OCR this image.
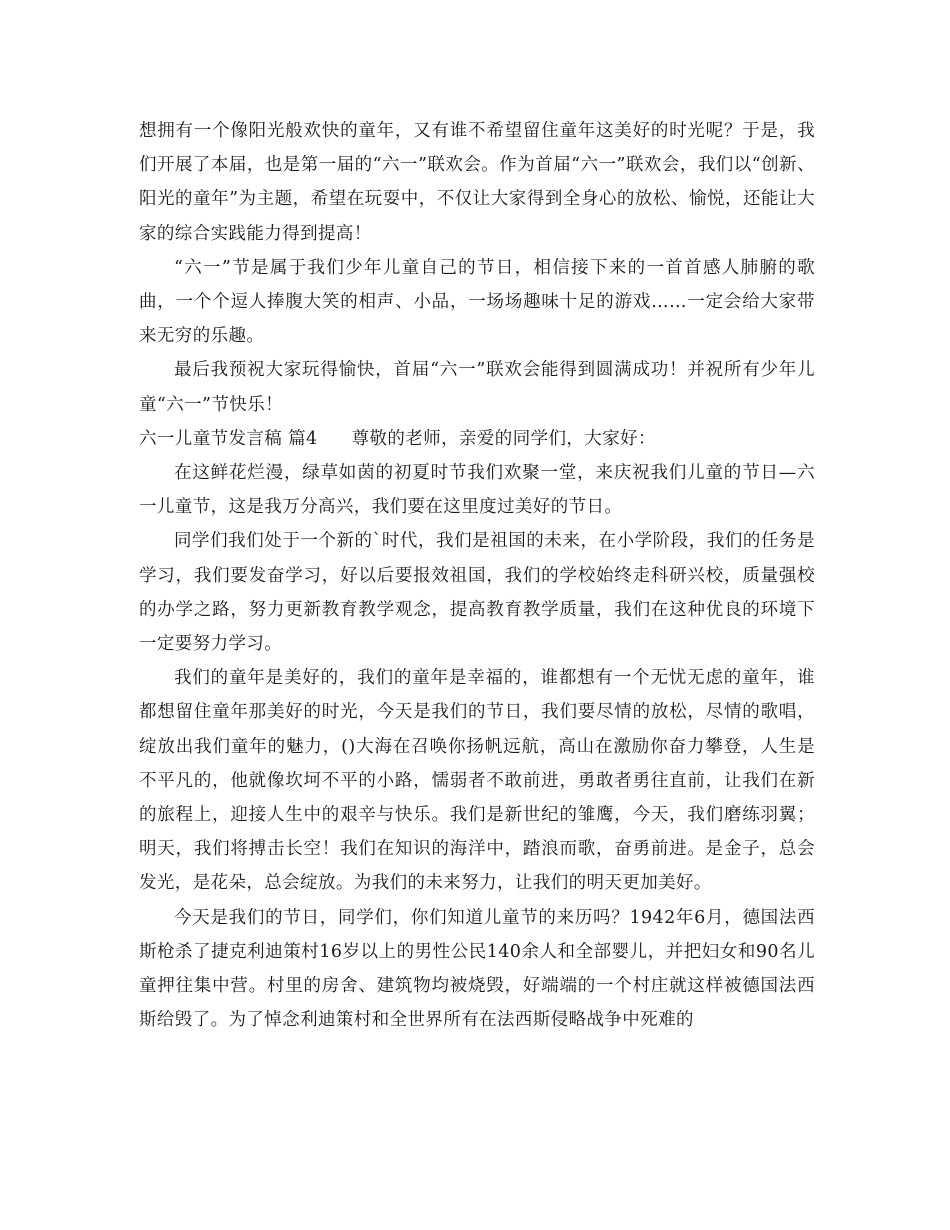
想拥有一个像阳光般欢快的童年，又有谁不希望留住童年这美好的时光呢？于是，我们开展了本届，也是第一届的“六一”联欢会。作为首届“六一”联欢会，我们以“创新、阳光的童年”为主题，希望在玩耍中，不仅让大家得到全身心的放松、愉悦，还能让大家的综合实践能力得到提高！

“六一”节是属于我们少年儿童自己的节日，相信接下来的一首首感人肺腑的歌曲，一个个逗人捧腹大笑的相声、小品，一场场趣味十足的游戏……一定会给大家带来无穷的乐趣。

最后我预祝大家玩得愉快，首届“六一”联欢会能得到圆满成功！并祝所有少年儿童“六一”节快乐！

六一儿童节发言稿 篇4 尊敬的老师，亲爱的同学们，大家好：

在这鲜花烂漫，绿草如茵的初夏时节我们欢聚一堂，来庆祝我们儿童的节日—六一儿童节，这是我万分高兴，我们要在这里度过美好的节日。

同学们我们处于一个新的`时代，我们是祖国的未来，在小学阶段，我们的任务是学习，我们要发奋学习，好以后要报效祖国，我们的学校始终走科研兴校，质量强校的办学之路，努力更新教育教学观念，提高教育教学质量，我们在这种优良的环境下一定要努力学习。

我们的童年是美好的，我们的童年是幸福的，谁都想有一个无忧无虑的童年，谁都想留住童年那美好的时光，今天是我们的节日，我们要尽情的放松，尽情的歌唱，绽放出我们童年的魅力，()大海在召唤你扬帆远航，高山在激励你奋力攀登，人生是不平凡的，他就像坎坷不平的小路，懦弱者不敢前进，勇敢者勇往直前，让我们在新的旅程上，迎接人生中的艰辛与快乐。我们是新世纪的雏鹰，今天，我们磨练羽翼；明天，我们将搏击长空！我们在知识的海洋中，踏浪而歌，奋勇前进。是金子，总会发光，是花朵，总会绽放。为我们的未来努力，让我们的明天更加美好。

今天是我们的节日，同学们，你们知道儿童节的来历吗？1942年6月，德国法西斯枪杀了捷克利迪策村16岁以上的男性公民140余人和全部婴儿，并把妇女和90名儿童押往集中营。村里的房舍、建筑物均被烧毁，好端端的一个村庄就这样被德国法西斯给毁了。为了悼念利迪策村和全世界所有在法西斯侵略战争中死难的
